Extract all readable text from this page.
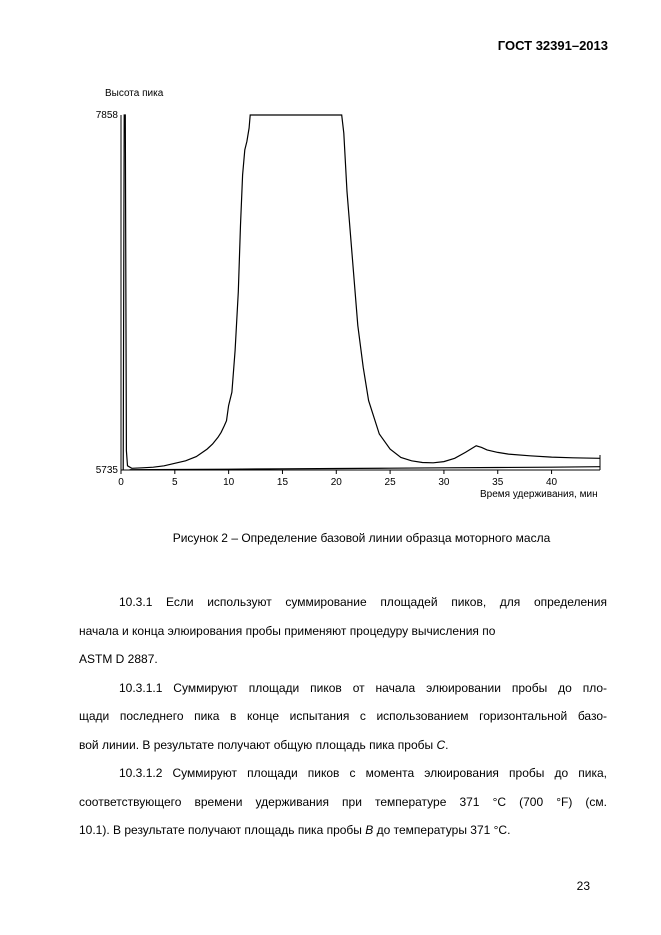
ГОСТ 32391–2013
Высота пика
7858
5735
0	5	10	15	20	25	30	35	40
Время удерживания, мин
Рисунок 2 – Определение базовой линии образца моторного масла

10.3.1 Если используют суммирование площадей пиков, для определения

начала и конца элюирования пробы применяют процедуру вычисления по

ASTM D 2887.

10.3.1.1 Суммируют площади пиков от начала элюировании пробы до пло-

щади последнего пика в конце испытания с использованием горизонтальной базо-

вой линии. В результате получают общую площадь пика пробы С.

10.3.1.2 Суммируют площади пиков с момента элюирования пробы до пика,

соответствующего времени удерживания при температуре 371 °С (700 °F) (см.

10.1). В результате получают площадь пика пробы В до температуры 371 °С.

23
